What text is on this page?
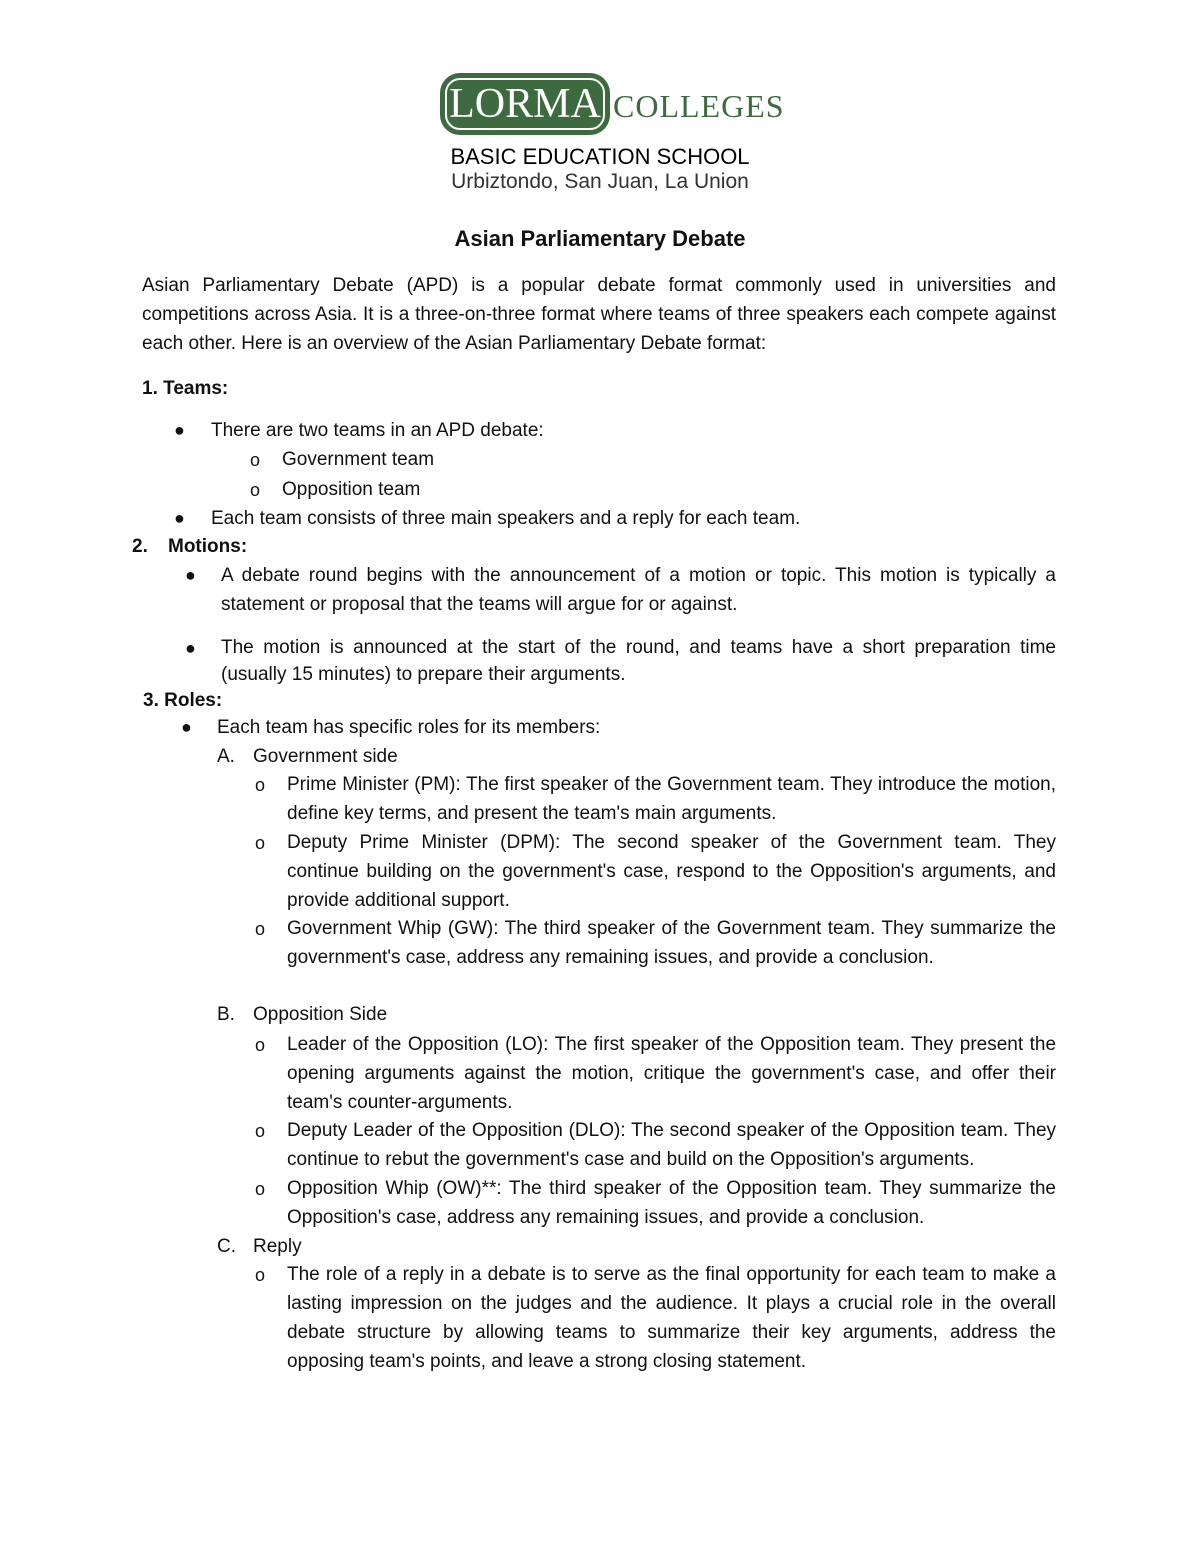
LORMA COLLEGES
BASIC EDUCATION SCHOOL
Urbiztondo, San Juan, La Union
Asian Parliamentary Debate

Asian Parliamentary Debate (APD) is a popular debate format commonly used in universities and competitions across Asia. It is a three-on-three format where teams of three speakers each compete against each other. Here is an overview of the Asian Parliamentary Debate format:

1. Teams:
● There are two teams in an APD debate:
o Government team
o Opposition team
● Each team consists of three main speakers and a reply for each team.
2. Motions:
● A debate round begins with the announcement of a motion or topic. This motion is typically a statement or proposal that the teams will argue for or against.

● The motion is announced at the start of the round, and teams have a short preparation time (usually 15 minutes) to prepare their arguments.

3. Roles:
● Each team has specific roles for its members:
A. Government side
o Prime Minister (PM): The first speaker of the Government team. They introduce the motion, define key terms, and present the team's main arguments.

o Deputy Prime Minister (DPM): The second speaker of the Government team. They continue building on the government's case, respond to the Opposition's arguments, and provide additional support.

o Government Whip (GW): The third speaker of the Government team. They summarize the government's case, address any remaining issues, and provide a conclusion.

B. Opposition Side
o Leader of the Opposition (LO): The first speaker of the Opposition team. They present the opening arguments against the motion, critique the government's case, and offer their team's counter-arguments.

o Deputy Leader of the Opposition (DLO): The second speaker of the Opposition team. They continue to rebut the government's case and build on the Opposition's arguments.

o Opposition Whip (OW)**: The third speaker of the Opposition team. They summarize the Opposition's case, address any remaining issues, and provide a conclusion.

C. Reply
o The role of a reply in a debate is to serve as the final opportunity for each team to make a lasting impression on the judges and the audience. It plays a crucial role in the overall debate structure by allowing teams to summarize their key arguments, address the opposing team's points, and leave a strong closing statement.
